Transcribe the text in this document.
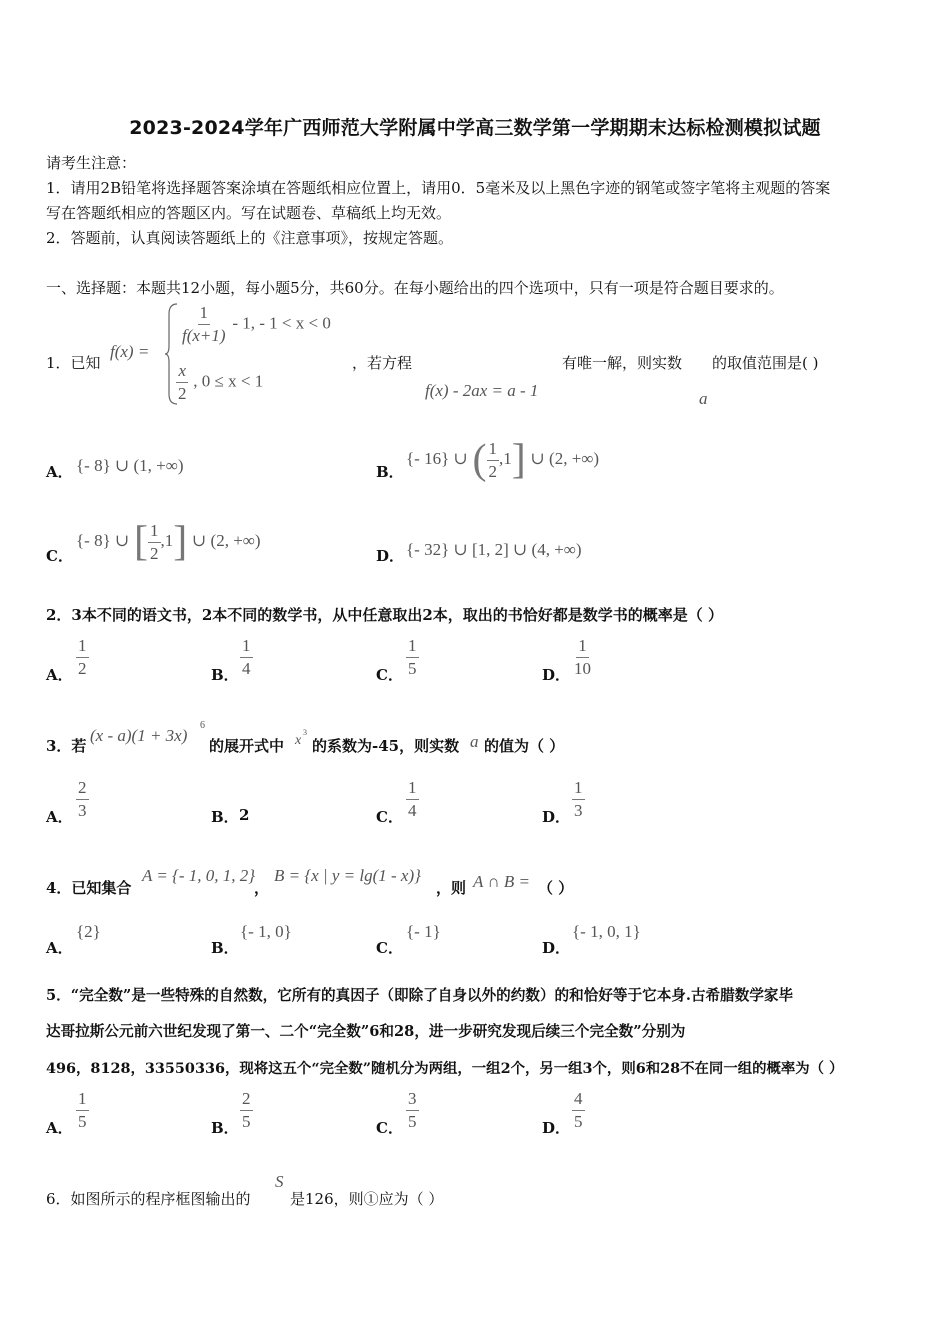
2023-2024学年广西师范大学附属中学高三数学第一学期期末达标检测模拟试题
请考生注意：
1．请用2B铅笔将选择题答案涂填在答题纸相应位置上，请用0．5毫米及以上黑色字迹的钢笔或签字笔将主观题的答案
写在答题纸相应的答题区内。写在试题卷、草稿纸上均无效。
2．答题前，认真阅读答题纸上的《注意事项》，按规定答题。
一、选择题：本题共12小题，每小题5分，共60分。在每小题给出的四个选项中，只有一项是符合题目要求的。
1．已知
f(x) =
$\frac{1}{f(x+1)} - 1$, - 1 < x < 0
$\frac{x}{2}$ , 0 ≤ x < 1
，若方程	有唯一解，则实数 的取值范围是( )
f(x) - 2ax = a - 1	a
A． {- 8} ∪ (1, +∞)	B．
{- 16} ∪ ( $\frac{1}{2} ,1$] ∪ (2, +∞)
C．
{- 8} ∪ [ $\frac{1}{2} ,1$] ∪ (2, +∞)
D． {- 32} ∪ [1, 2] ∪ (4, +∞)
2．3本不同的语文书，2本不同的数学书，从中任意取出2本，取出的书恰好都是数学书的概率是（ ）
A． $\frac{1}{2}$	B． $\frac{1}{4}$	C． $\frac{1}{5}$	D． $\frac{1}{10}$
3．若
(x - a)(1 + 3x)
6
的展开式中 x
3
的系数为-45，则实数 a 的值为（ ）
A． $\frac{2}{3}$	B． 2	C． $\frac{1}{4}$	D． $\frac{1}{3}$
4．已知集合
A = {- 1, 0, 1, 2}
，
B = {x | y = lg(1 - x)}
，则 A ∩ B = （ ）
A．
{2}
B．
{- 1, 0}
C．
{- 1}
D．
{- 1, 0, 1}
5．“完全数”是一些特殊的自然数，它所有的真因子（即除了自身以外的约数）的和恰好等于它本身.古希腊数学家毕
达哥拉斯公元前六世纪发现了第一、二个“完全数”6和28，进一步研究发现后续三个完全数”分别为
496，8128，33550336，现将这五个“完全数”随机分为两组，一组2个，另一组3个，则6和28不在同一组的概率为（ ）
A． $\frac{1}{5}$	B． $\frac{2}{5}$	C． $\frac{3}{5}$	D． $\frac{4}{5}$
6．如图所示的程序框图输出的
S
是126，则①应为（ ）
